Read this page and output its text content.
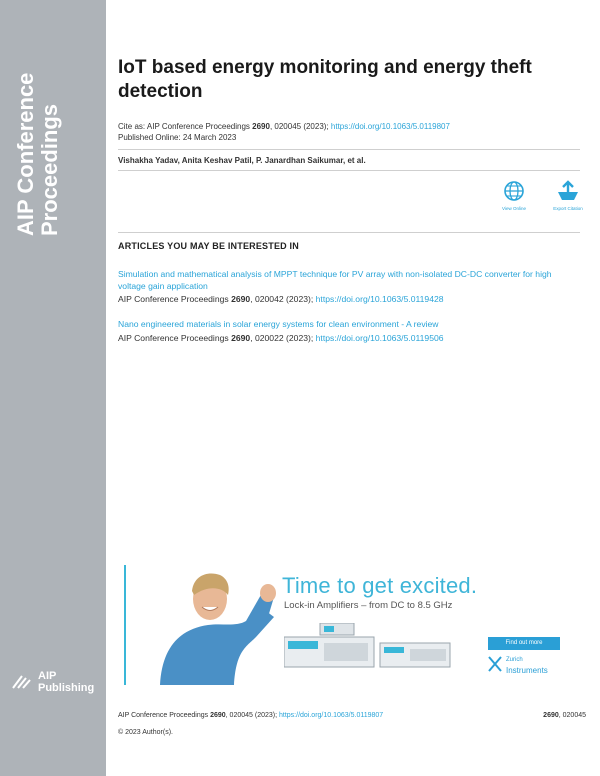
AIP Conference
Proceedings
AIP
Publishing
IoT based energy monitoring and energy theft detection
Cite as: AIP Conference Proceedings 2690, 020045 (2023); https://doi.org/10.1063/5.0119807
Published Online: 24 March 2023
Vishakha Yadav, Anita Keshav Patil, P. Janardhan Saikumar, et al.
View Online	Export Citation
ARTICLES YOU MAY BE INTERESTED IN
Simulation and mathematical analysis of MPPT technique for PV array with non-isolated DC-DC converter for high voltage gain application
AIP Conference Proceedings 2690, 020042 (2023); https://doi.org/10.1063/5.0119428
Nano engineered materials in solar energy systems for clean environment - A review
AIP Conference Proceedings 2690, 020022 (2023); https://doi.org/10.1063/5.0119506
Time to get excited.
Lock-in Amplifiers – from DC to 8.5 GHz
Find out more
Zurich
Instruments
AIP Conference Proceedings 2690, 020045 (2023); https://doi.org/10.1063/5.0119807	2690, 020045
© 2023 Author(s).
